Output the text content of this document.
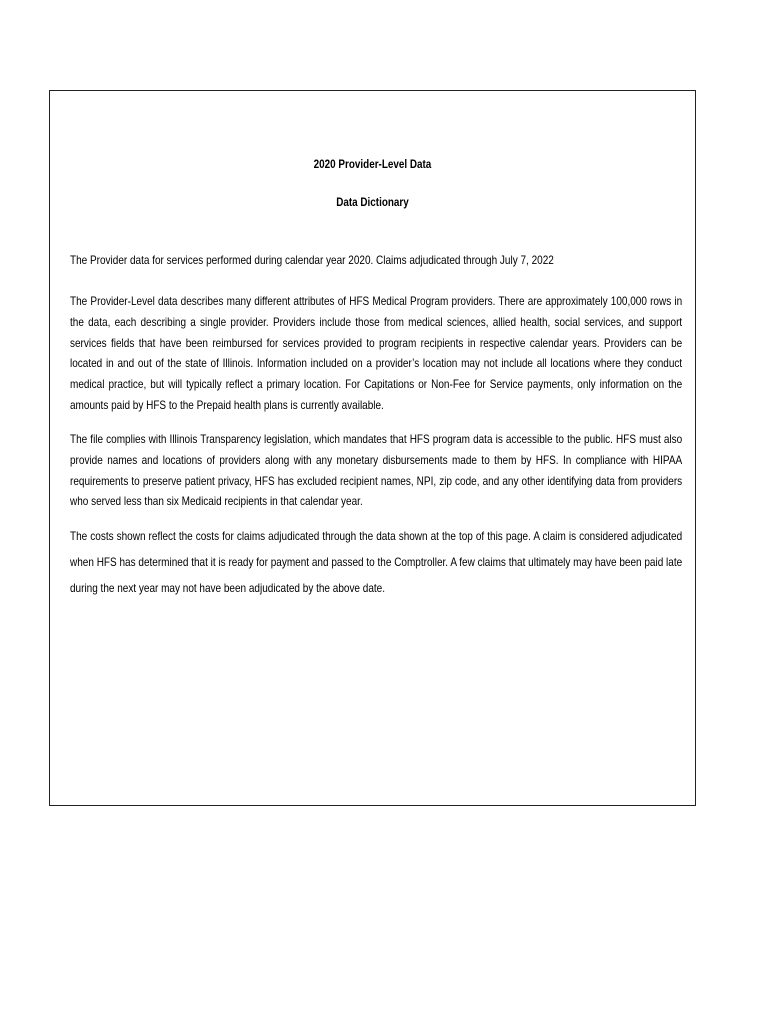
2020 Provider-Level Data
Data Dictionary

The Provider data for services performed during calendar year 2020. Claims adjudicated through July 7, 2022

The Provider-Level data describes many different attributes of HFS Medical Program providers. There are approximately 100,000 rows in the data, each describing a single provider. Providers include those from medical sciences, allied health, social services, and support services fields that have been reimbursed for services provided to program recipients in respective calendar years. Providers can be located in and out of the state of Illinois. Information included on a provider’s location may not include all locations where they conduct medical practice, but will typically reflect a primary location. For Capitations or Non-Fee for Service payments, only information on the amounts paid by HFS to the Prepaid health plans is currently available.

The file complies with Illinois Transparency legislation, which mandates that HFS program data is accessible to the public. HFS must also provide names and locations of providers along with any monetary disbursements made to them by HFS. In compliance with HIPAA requirements to preserve patient privacy, HFS has excluded recipient names, NPI, zip code, and any other identifying data from providers who served less than six Medicaid recipients in that calendar year.

The costs shown reflect the costs for claims adjudicated through the data shown at the top of this page. A claim is considered adjudicated when HFS has determined that it is ready for payment and passed to the Comptroller. A few claims that ultimately may have been paid late during the next year may not have been adjudicated by the above date.
